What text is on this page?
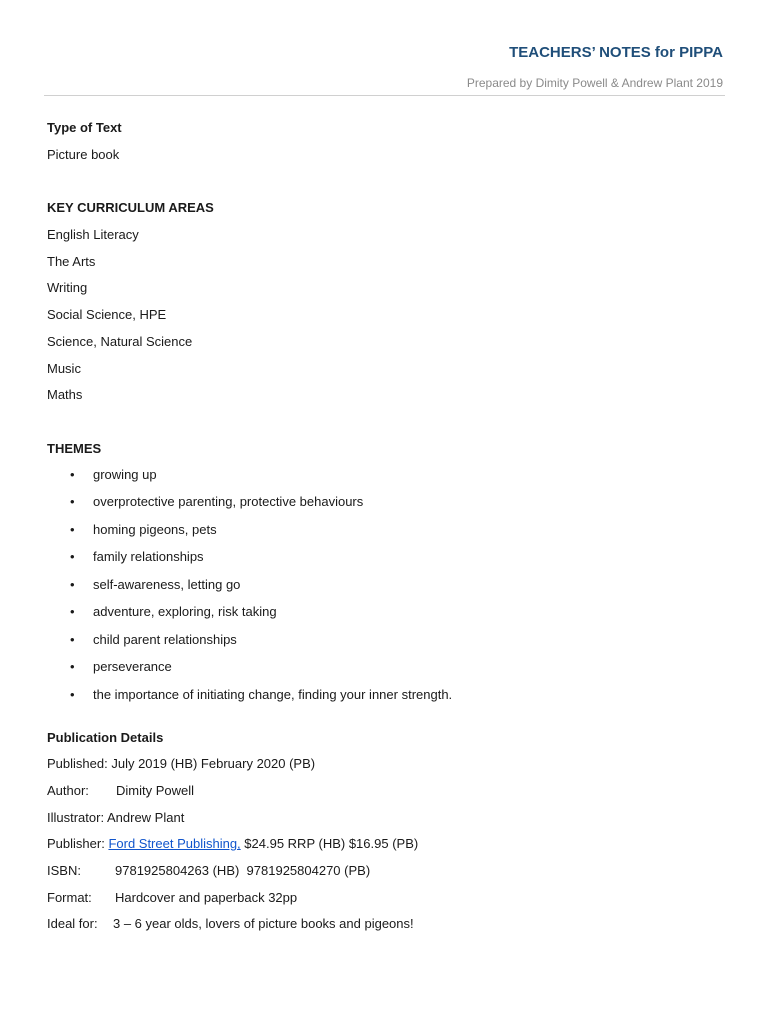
TEACHERS’ NOTES for PIPPA
Prepared by Dimity Powell & Andrew Plant 2019
Type of Text
Picture book
KEY CURRICULUM AREAS
English Literacy
The Arts
Writing
Social Science, HPE
Science, Natural Science
Music
Maths
THEMES
• growing up
• overprotective parenting, protective behaviours
• homing pigeons, pets
• family relationships
• self-awareness, letting go
• adventure, exploring, risk taking
• child parent relationships
• perseverance
• the importance of initiating change, finding your inner strength.
Publication Details
Published: July 2019 (HB) February 2020 (PB)
Author: Dimity Powell
Illustrator: Andrew Plant
Publisher: Ford Street Publishing, $24.95 RRP (HB) $16.95 (PB)
ISBN:	9781925804263 (HB)  9781925804270 (PB)
Format: Hardcover and paperback 32pp
Ideal for: 3 – 6 year olds, lovers of picture books and pigeons!
